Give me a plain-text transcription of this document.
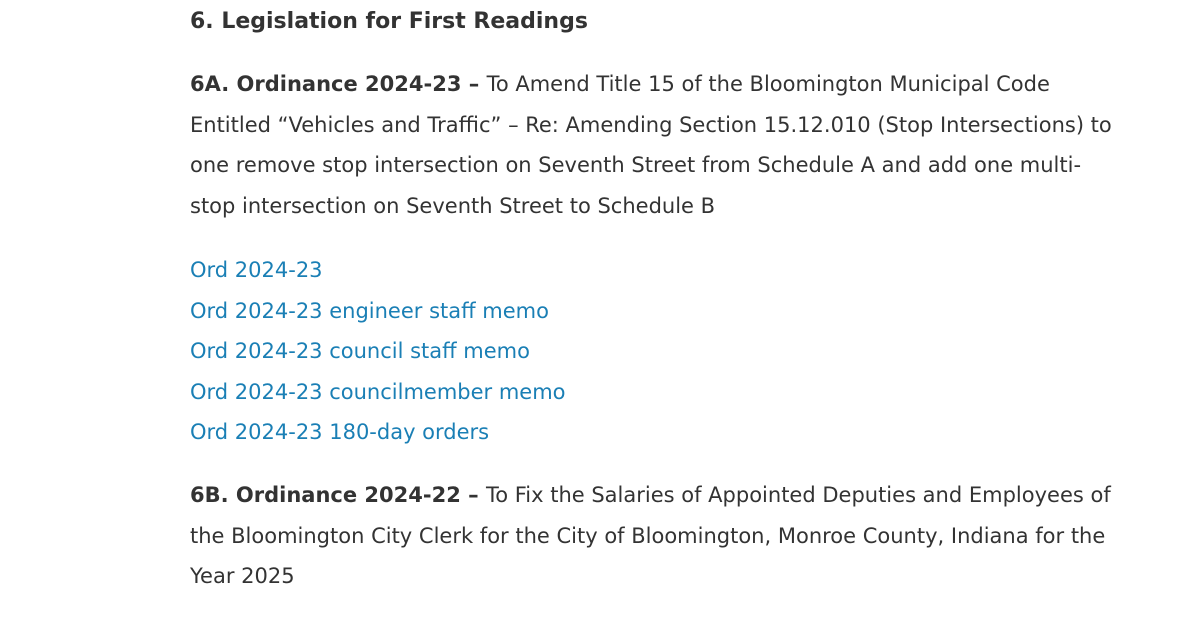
6. Legislation for First Readings

6A. Ordinance 2024-23 – To Amend Title 15 of the Bloomington Municipal Code Entitled “Vehicles and Traffic” – Re: Amending Section 15.12.010 (Stop Intersections) to one remove stop intersection on Seventh Street from Schedule A and add one multi-stop intersection on Seventh Street to Schedule B

Ord 2024-23
Ord 2024-23 engineer staff memo
Ord 2024-23 council staff memo
Ord 2024-23 councilmember memo
Ord 2024-23 180-day orders

6B. Ordinance 2024-22 – To Fix the Salaries of Appointed Deputies and Employees of the Bloomington City Clerk for the City of Bloomington, Monroe County, Indiana for the Year 2025
